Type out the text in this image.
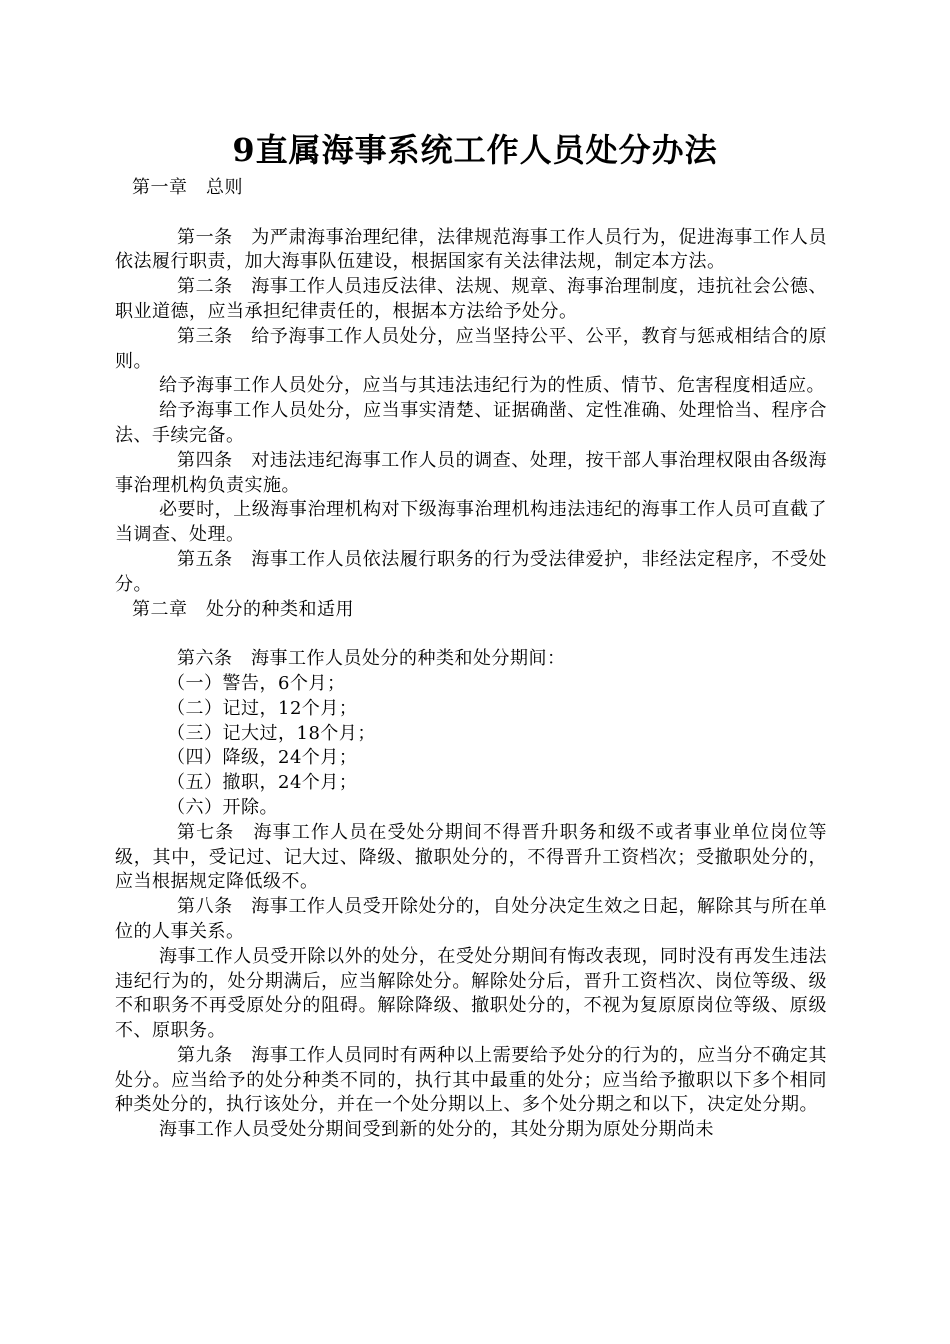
9直属海事系统工作人员处分办法

第一章　总则

第一条　为严肃海事治理纪律，法律规范海事工作人员行为，促进海事工作人员依法履行职责，加大海事队伍建设，根据国家有关法律法规，制定本方法。

第二条　海事工作人员违反法律、法规、规章、海事治理制度，违抗社会公德、职业道德，应当承担纪律责任的，根据本方法给予处分。

第三条　给予海事工作人员处分，应当坚持公平、公平，教育与惩戒相结合的原则。

给予海事工作人员处分，应当与其违法违纪行为的性质、情节、危害程度相适应。

给予海事工作人员处分，应当事实清楚、证据确凿、定性准确、处理恰当、程序合法、手续完备。

第四条　对违法违纪海事工作人员的调查、处理，按干部人事治理权限由各级海事治理机构负责实施。

必要时，上级海事治理机构对下级海事治理机构违法违纪的海事工作人员可直截了当调查、处理。

第五条　海事工作人员依法履行职务的行为受法律爱护，非经法定程序，不受处分。

第二章　处分的种类和适用

第六条　海事工作人员处分的种类和处分期间：

（一）警告，6个月；

（二）记过，12个月；

（三）记大过，18个月；

（四）降级，24个月；

（五）撤职，24个月；

（六）开除。

第七条　海事工作人员在受处分期间不得晋升职务和级不或者事业单位岗位等级，其中，受记过、记大过、降级、撤职处分的，不得晋升工资档次；受撤职处分的，应当根据规定降低级不。

第八条　海事工作人员受开除处分的，自处分决定生效之日起，解除其与所在单位的人事关系。

海事工作人员受开除以外的处分，在受处分期间有悔改表现，同时没有再发生违法违纪行为的，处分期满后，应当解除处分。解除处分后，晋升工资档次、岗位等级、级不和职务不再受原处分的阻碍。解除降级、撤职处分的，不视为复原原岗位等级、原级不、原职务。

第九条　海事工作人员同时有两种以上需要给予处分的行为的，应当分不确定其处分。应当给予的处分种类不同的，执行其中最重的处分；应当给予撤职以下多个相同种类处分的，执行该处分，并在一个处分期以上、多个处分期之和以下，决定处分期。

海事工作人员受处分期间受到新的处分的，其处分期为原处分期尚未
